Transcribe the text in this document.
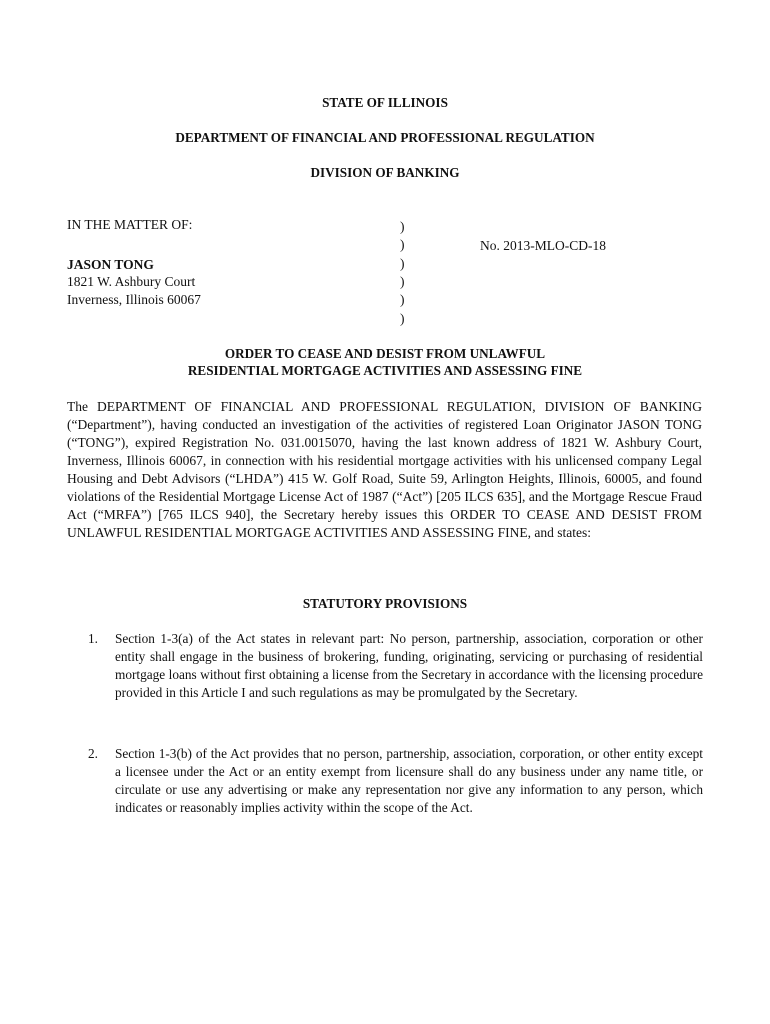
STATE OF ILLINOIS
DEPARTMENT OF FINANCIAL AND PROFESSIONAL REGULATION
DIVISION OF BANKING
IN THE MATTER OF:
JASON TONG
1821 W. Ashbury Court
Inverness, Illinois 60067
)
)
)
)
)
)
No. 2013-MLO-CD-18
ORDER TO CEASE AND DESIST FROM UNLAWFUL
RESIDENTIAL MORTGAGE ACTIVITIES AND ASSESSING FINE
The DEPARTMENT OF FINANCIAL AND PROFESSIONAL REGULATION, DIVISION OF BANKING (“Department”), having conducted an investigation of the activities of registered Loan Originator JASON TONG (“TONG”), expired Registration No. 031.0015070, having the last known address of 1821 W. Ashbury Court, Inverness, Illinois 60067, in connection with his residential mortgage activities with his unlicensed company Legal Housing and Debt Advisors (“LHDA”) 415 W. Golf Road, Suite 59, Arlington Heights, Illinois, 60005, and found violations of the Residential Mortgage License Act of 1987 (“Act”) [205 ILCS 635], and the Mortgage Rescue Fraud Act (“MRFA”) [765 ILCS 940], the Secretary hereby issues this ORDER TO CEASE AND DESIST FROM UNLAWFUL RESIDENTIAL MORTGAGE ACTIVITIES AND ASSESSING FINE, and states:
STATUTORY PROVISIONS
1.	Section 1-3(a) of the Act states in relevant part: No person, partnership, association, corporation or other entity shall engage in the business of brokering, funding, originating, servicing or purchasing of residential mortgage loans without first obtaining a license from the Secretary in accordance with the licensing procedure provided in this Article I and such regulations as may be promulgated by the Secretary.
2.	Section 1-3(b) of the Act provides that no person, partnership, association, corporation, or other entity except a licensee under the Act or an entity exempt from licensure shall do any business under any name title, or circulate or use any advertising or make any representation nor give any information to any person, which indicates or reasonably implies activity within the scope of the Act.
